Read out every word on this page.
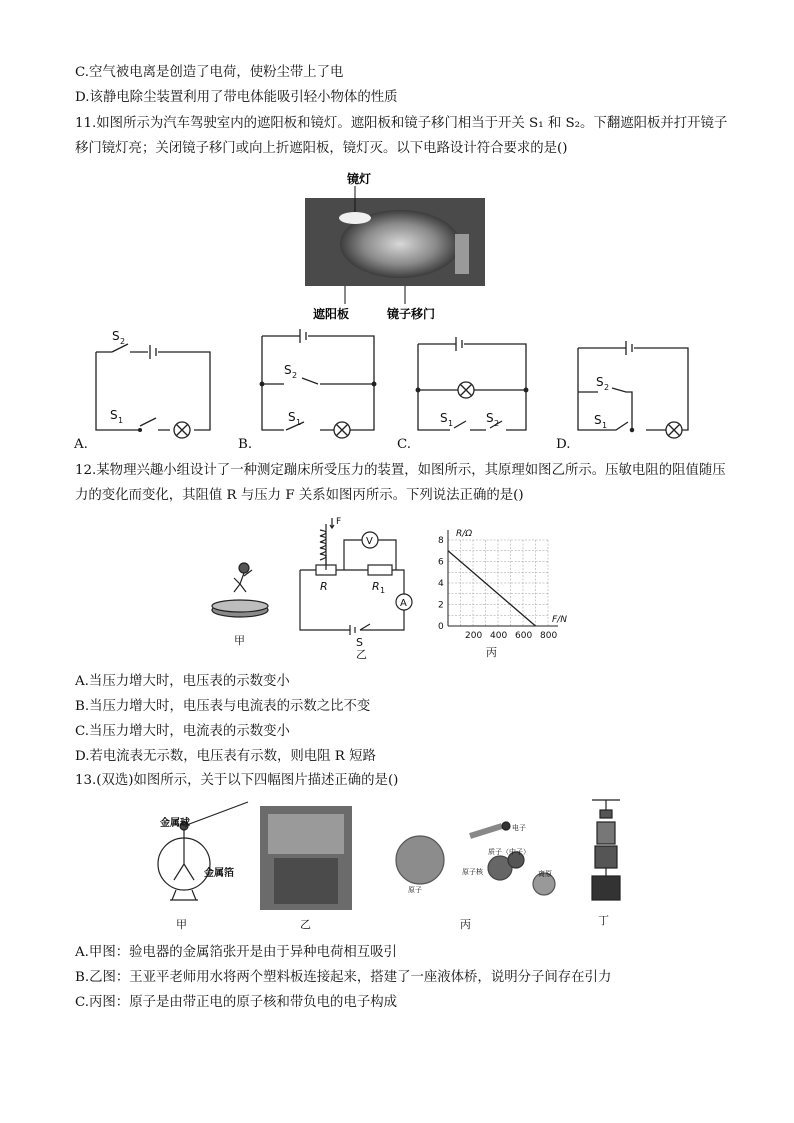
C.空气被电离是创造了电荷，使粉尘带上了电
D.该静电除尘装置利用了带电体能吸引轻小物体的性质
11.如图所示为汽车驾驶室内的遮阳板和镜灯。遮阳板和镜子移门相当于开关 S₁ 和 S₂。下翻遮阳板并打开镜子移门镜灯亮；关闭镜子移门或向上折遮阳板，镜灯灭。以下电路设计符合要求的是()
镜灯
遮阳板	镜子移门
S 2
S 1
S 2
S 1	S 1	S 2
S 2
S 1
A.	B.	C.	D.
12.某物理兴趣小组设计了一种测定蹦床所受压力的装置，如图所示，其原理如图乙所示。压敏电阻的阻值随压力的变化而变化，其阻值 R 与压力 F 关系如图丙所示。下列说法正确的是()
甲
F
V
A
R	R 1
S
乙
200 400 600 800
0
2
4
6
8
R/Ω
F/N
丙
A.当压力增大时，电压表的示数变小
B.当压力增大时，电压表与电流表的示数之比不变
C.当压力增大时，电流表的示数变小
D.若电流表无示数，电压表有示数，则电阻 R 短路
13.(双选)如图所示，关于以下四幅图片描述正确的是()
金属球
金属箔
甲	乙
电子
质子（中子）
原子核
原子
离原
丙	丁
A.甲图：验电器的金属箔张开是由于异种电荷相互吸引
B.乙图：王亚平老师用水将两个塑料板连接起来，搭建了一座液体桥，说明分子间存在引力
C.丙图：原子是由带正电的原子核和带负电的电子构成
